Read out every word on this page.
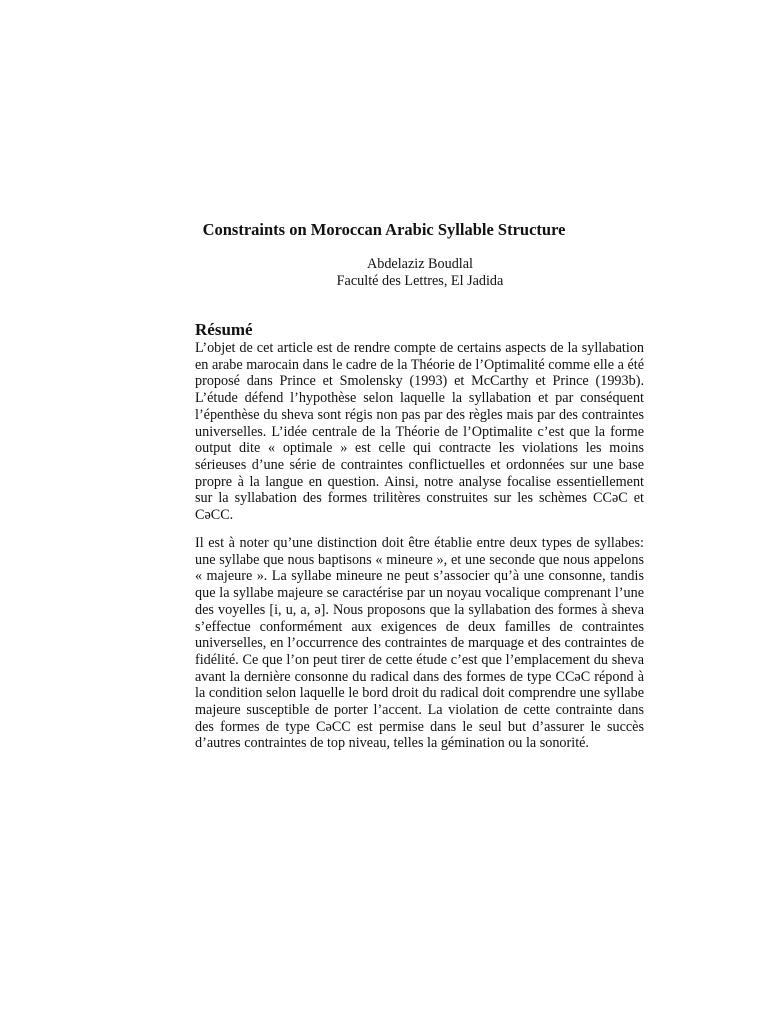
Constraints on Moroccan Arabic Syllable Structure
Abdelaziz Boudlal
Faculté des Lettres, El Jadida
Résumé

L’objet de cet article est de rendre compte de certains aspects de la syllabation en arabe marocain dans le cadre de la Théorie de l’Optimalité comme elle a été proposé dans Prince et Smolensky (1993) et McCarthy et Prince (1993b). L’étude défend l’hypothèse selon laquelle la syllabation et par conséquent l’épenthèse du sheva sont régis non pas par des règles mais par des contraintes universelles. L’idée centrale de la Théorie de l’Optimalite c’est que la forme output dite « optimale » est celle qui contracte les violations les moins sérieuses d’une série de contraintes conflictuelles et ordonnées sur une base propre à la langue en question. Ainsi, notre analyse focalise essentiellement sur la syllabation des formes trilitères construites sur les schèmes CCəC et CəCC.

Il est à noter qu’une distinction doit être établie entre deux types de syllabes: une syllabe que nous baptisons « mineure », et une seconde que nous appelons « majeure ». La syllabe mineure ne peut s’associer qu’à une consonne, tandis que la syllabe majeure se caractérise par un noyau vocalique comprenant l’une des voyelles [i, u, a, ə]. Nous proposons que la syllabation des formes à sheva s’effectue conformément aux exigences de deux familles de contraintes universelles, en l’occurrence des contraintes de marquage et des contraintes de fidélité. Ce que l’on peut tirer de cette étude c’est que l’emplacement du sheva avant la dernière consonne du radical dans des formes de type CCəC répond à la condition selon laquelle le bord droit du radical doit comprendre une syllabe majeure susceptible de porter l’accent. La violation de cette contrainte dans des formes de type CəCC est permise dans le seul but d’assurer le succès d’autres contraintes de top niveau, telles la gémination ou la sonorité.
